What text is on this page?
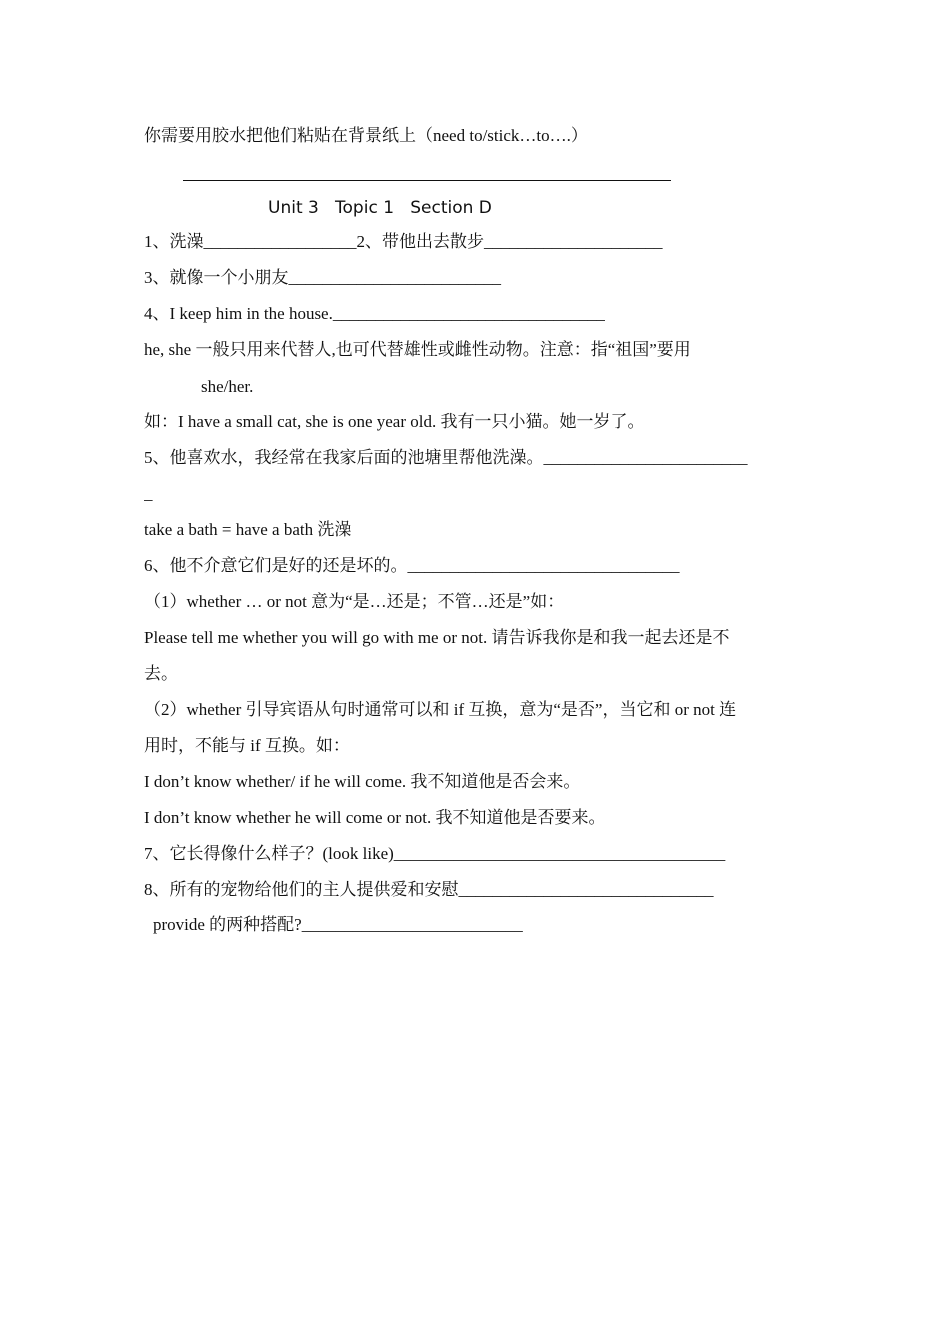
你需要用胶水把他们粘贴在背景纸上（need to/stick…to….）
Unit 3   Topic 1   Section D
1、洗澡__________________2、带他出去散步_____________________
3、就像一个小朋友_________________________
4、I keep him in the house.________________________________
he, she 一般只用来代替人,也可代替雄性或雌性动物。注意：指“祖国”要用
she/her.
如：I have a small cat, she is one year old. 我有一只小猫。她一岁了。
5、他喜欢水，我经常在我家后面的池塘里帮他洗澡。________________________
_
take a bath = have a bath 洗澡
6、他不介意它们是好的还是坏的。________________________________
（1）whether … or not 意为“是…还是；不管…还是”如：
Please tell me whether you will go with me or not. 请告诉我你是和我一起去还是不
去。
（2）whether 引导宾语从句时通常可以和 if 互换，意为“是否”，当它和 or not 连
用时，不能与 if 互换。如：
I don’t know whether/ if he will come. 我不知道他是否会来。
I don’t know whether he will come or not. 我不知道他是否要来。
7、它长得像什么样子？(look like)_______________________________________
8、所有的宠物给他们的主人提供爱和安慰______________________________
provide 的两种搭配?__________________________
